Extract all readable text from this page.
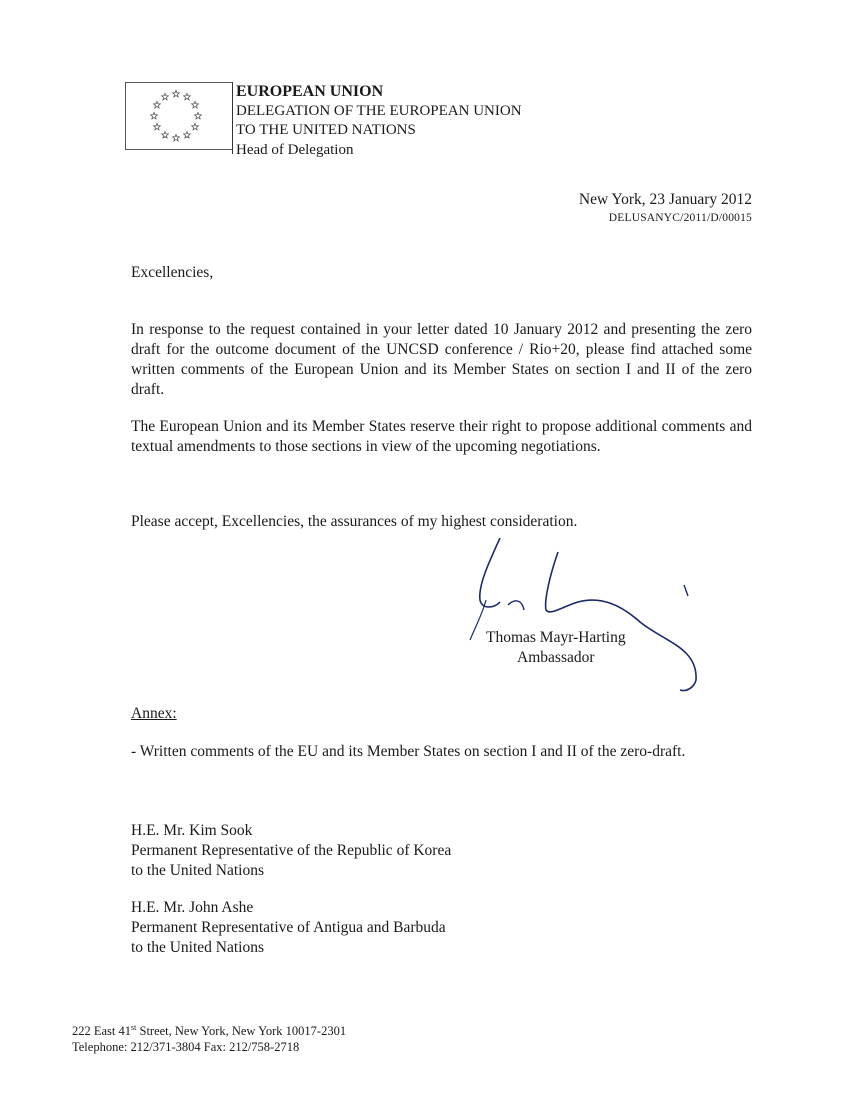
EUROPEAN UNION
DELEGATION OF THE EUROPEAN UNION
TO THE UNITED NATIONS
Head of Delegation
New York, 23 January 2012
DELUSANYC/2011/D/00015
Excellencies,
In response to the request contained in your letter dated 10 January 2012 and presenting the zero draft for the outcome document of the UNCSD conference / Rio+20, please find attached some written comments of the European Union and its Member States on section I and II of the zero draft.
The European Union and its Member States reserve their right to propose additional comments and textual amendments to those sections in view of the upcoming negotiations.
Please accept, Excellencies, the assurances of my highest consideration.
Thomas Mayr-Harting
Ambassador
Annex:
- Written comments of the EU and its Member States on section I and II of the zero-draft.
H.E. Mr. Kim Sook
Permanent Representative of the Republic of Korea
to the United Nations
H.E. Mr. John Ashe
Permanent Representative of Antigua and Barbuda
to the United Nations
222 East 41st Street, New York, New York 10017-2301
Telephone: 212/371-3804 Fax: 212/758-2718
